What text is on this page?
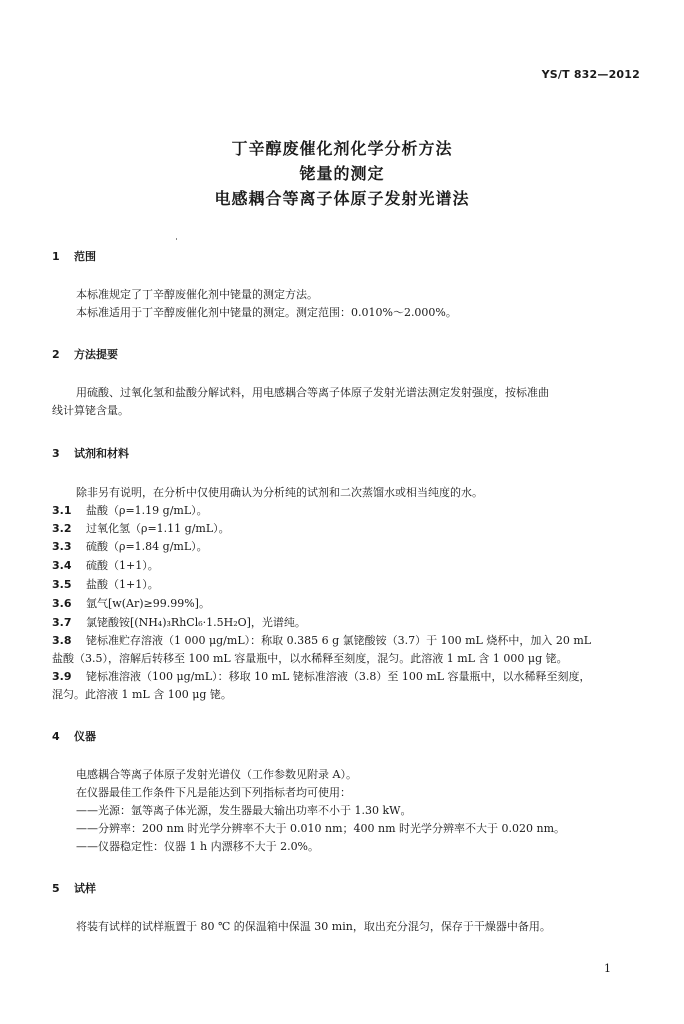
YS/T 832—2012
丁辛醇废催化剂化学分析方法
铑量的测定
电感耦合等离子体原子发射光谱法
1 范围
本标准规定了丁辛醇废催化剂中铑量的测定方法。
本标准适用于丁辛醇废催化剂中铑量的测定。测定范围：0.010%～2.000%。
2 方法提要
用硫酸、过氧化氢和盐酸分解试料，用电感耦合等离子体原子发射光谱法测定发射强度，按标准曲
线计算铑含量。
3 试剂和材料
除非另有说明，在分析中仅使用确认为分析纯的试剂和二次蒸馏水或相当纯度的水。
3.1 盐酸（ρ=1.19 g/mL）。
3.2 过氧化氢（ρ=1.11 g/mL）。
3.3 硫酸（ρ=1.84 g/mL）。
3.4 硫酸（1+1）。
3.5 盐酸（1+1）。
3.6 氩气[w(Ar)≥99.99%]。
3.7 氯铑酸铵[(NH₄)₃RhCl₆·1.5H₂O]，光谱纯。
3.8 铑标准贮存溶液（1 000 μg/mL）：称取 0.385 6 g 氯铑酸铵（3.7）于 100 mL 烧杯中，加入 20 mL
盐酸（3.5），溶解后转移至 100 mL 容量瓶中，以水稀释至刻度，混匀。此溶液 1 mL 含 1 000 μg 铑。
3.9 铑标准溶液（100 μg/mL）：移取 10 mL 铑标准溶液（3.8）至 100 mL 容量瓶中，以水稀释至刻度，
混匀。此溶液 1 mL 含 100 μg 铑。
4 仪器
电感耦合等离子体原子发射光谱仪（工作参数见附录 A）。
在仪器最佳工作条件下凡是能达到下列指标者均可使用：
——光源：氩等离子体光源，发生器最大输出功率不小于 1.30 kW。
——分辨率：200 nm 时光学分辨率不大于 0.010 nm；400 nm 时光学分辨率不大于 0.020 nm。
——仪器稳定性：仪器 1 h 内漂移不大于 2.0%。
5 试样
将装有试样的试样瓶置于 80 ℃ 的保温箱中保温 30 min，取出充分混匀，保存于干燥器中备用。
1
